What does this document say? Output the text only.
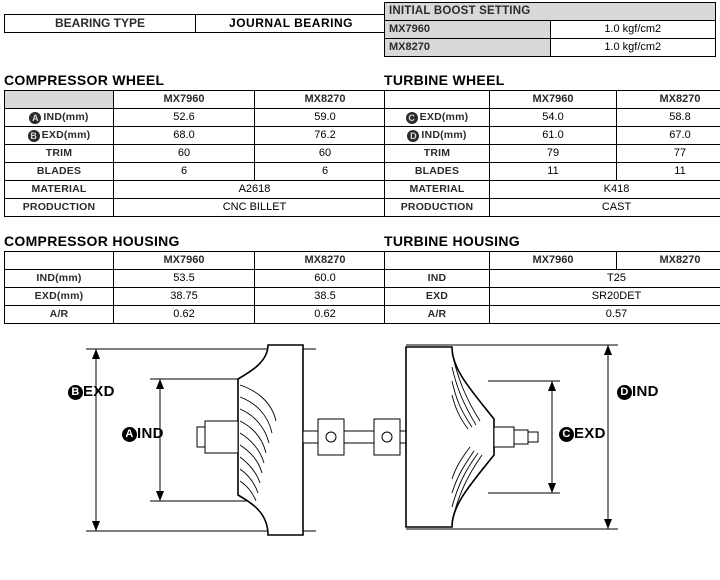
BEARING TYPE	JOURNAL BEARING
INITIAL BOOST SETTING	
MX7960	1.0 kgf/cm2
MX8270	1.0 kgf/cm2
COMPRESSOR WHEEL
	MX7960	MX8270
A IND(mm)	52.6	59.0
B EXD(mm)	68.0	76.2
TRIM	60	60
BLADES	6	6
MATERIAL	A2618	
PRODUCTION	CNC BILLET	
TURBINE WHEEL
	MX7960	MX8270
C EXD(mm)	54.0	58.8
D IND(mm)	61.0	67.0
TRIM	79	77
BLADES	11	11
MATERIAL	K418	
PRODUCTION	CAST	
COMPRESSOR HOUSING
	MX7960	MX8270
IND(mm)	53.5	60.0
EXD(mm)	38.75	38.5
A/R	0.62	0.62
TURBINE HOUSING
	MX7960	MX8270
IND	T25	
EXD	SR20DET	
A/R	0.57	
B EXD
A IND	C EXD
D IND
